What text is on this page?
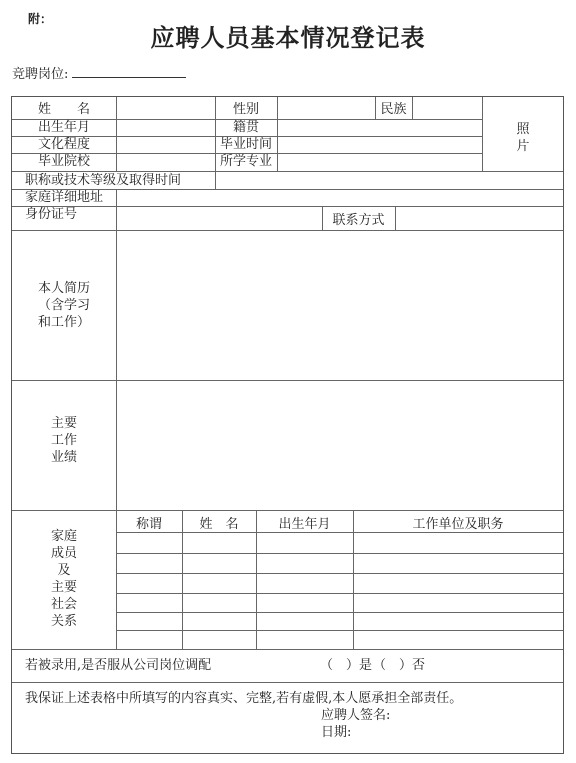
附：
应聘人员基本情况登记表
竞聘岗位:
姓　　名	性别	民族
出生年月	籍贯
文化程度	毕业时间
毕业院校	所学专业
照
片
职称或技术等级及取得时间
家庭详细地址
身份证号	联系方式
本人简历
（含学习
和工作）
主要
工作
业绩
家庭
成员
及
主要
社会
关系
称谓	姓　名	出生年月	工作单位及职务
若被录用,是否服从公司岗位调配	（　）是 （　）否
我保证上述表格中所填写的内容真实、完整,若有虚假,本人愿承担全部责任。
应聘人签名:
日期:
